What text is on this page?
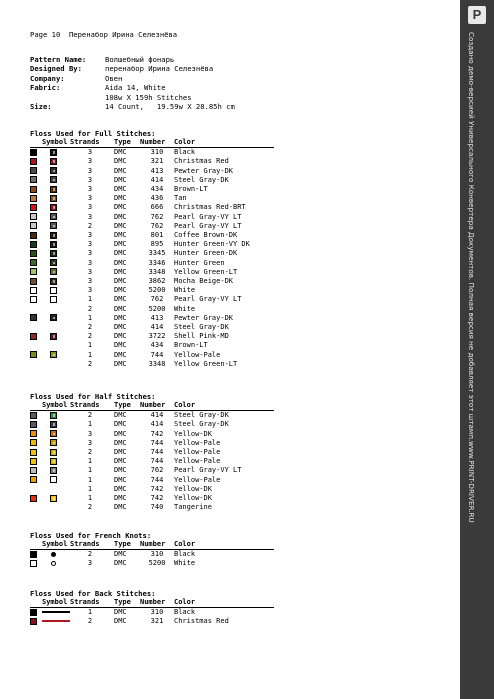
Page 10  Перенабор Ирина Селезнёва
Pattern Name:	Волшебный фонарь
Designed By:	перенабор Ирина Селезнёва
Company:	Овен
Fabric:	Aida 14, White
108w X 159h Stitches
Size:	14 Count,   19.59w X 28.85h cm
Floss Used for Full Stitches:
	Symbol	Strands	Type	Number	Color
		3	DMC	310	Black
		3	DMC	321	Christmas Red
		3	DMC	413	Pewter Gray-DK
		3	DMC	414	Steel Gray-DK
		3	DMC	434	Brown-LT
		3	DMC	436	Tan
		3	DMC	666	Christmas Red-BRT
		3	DMC	762	Pearl Gray-VY LT
		2	DMC	762	Pearl Gray-VY LT
		3	DMC	801	Coffee Brown-DK
		3	DMC	895	Hunter Green-VY DK
		3	DMC	3345	Hunter Green-DK
		3	DMC	3346	Hunter Green
		3	DMC	3348	Yellow Green-LT
		3	DMC	3862	Mocha Beige-DK
		3	DMC	5200	White
		1	DMC	762	Pearl Gray-VY LT
		2	DMC	5200	White
		1	DMC	413	Pewter Gray-DK
		2	DMC	414	Steel Gray-DK
		2	DMC	3722	Shell Pink-MD
		1	DMC	434	Brown-LT
		1	DMC	744	Yellow-Pale
		2	DMC	3348	Yellow Green-LT
Floss Used for Half Stitches:
	Symbol	Strands	Type	Number	Color
		2	DMC	414	Steel Gray-DK
		1	DMC	414	Steel Gray-DK
		3	DMC	742	Yellow-DK
		3	DMC	744	Yellow-Pale
		2	DMC	744	Yellow-Pale
		1	DMC	744	Yellow-Pale
		1	DMC	762	Pearl Gray-VY LT
		1	DMC	744	Yellow-Pale
		1	DMC	742	Yellow-DK
		1	DMC	742	Yellow-DK
		2	DMC	740	Tangerine
Floss Used for French Knots:
	Symbol	Strands	Type	Number	Color
		2	DMC	310	Black
		3	DMC	5200	White
Floss Used for Back Stitches:
	Symbol	Strands	Type	Number	Color
		1	DMC	310	Black
		2	DMC	321	Christmas Red
P
Создано демо-версией Универсального Конвертера Документов. Полная версия не добавляет этот штамп.
www.PRINT-DRIVER.RU
